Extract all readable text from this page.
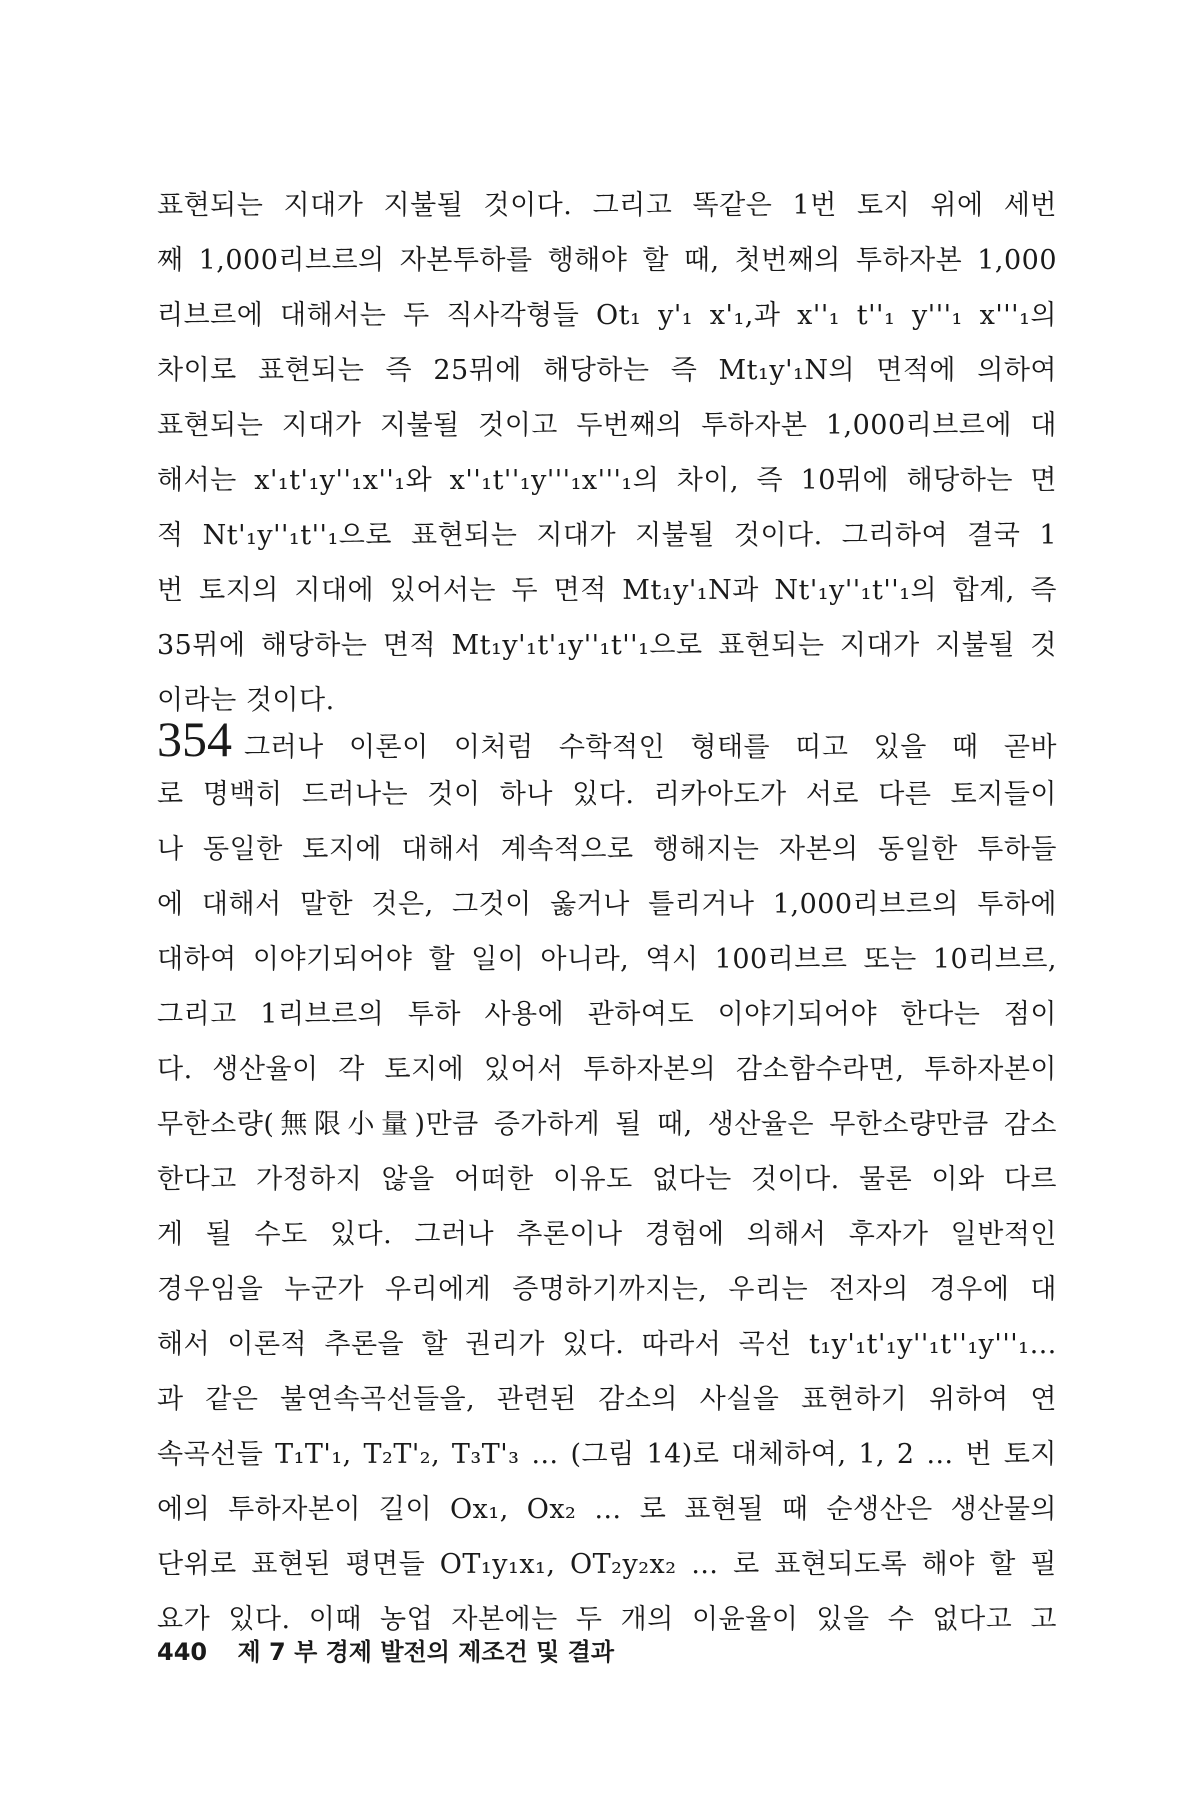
표현되는 지대가 지불될 것이다. 그리고 똑같은 1번 토지 위에 세번
째 1,000리브르의 자본투하를 행해야 할 때, 첫번째의 투하자본 1,000
리브르에 대해서는 두 직사각형들 Ot₁ y'₁ x'₁,과 x''₁ t''₁ y'''₁ x'''₁의
차이로 표현되는 즉 25뮈에 해당하는 즉 Mt₁y'₁N의 면적에 의하여
표현되는 지대가 지불될 것이고 두번째의 투하자본 1,000리브르에 대
해서는 x'₁t'₁y''₁x''₁와 x''₁t''₁y'''₁x'''₁의 차이, 즉 10뮈에 해당하는 면
적 Nt'₁y''₁t''₁으로 표현되는 지대가 지불될 것이다. 그리하여 결국 1
번 토지의 지대에 있어서는 두 면적 Mt₁y'₁N과 Nt'₁y''₁t''₁의 합계, 즉
35뮈에 해당하는 면적 Mt₁y'₁t'₁y''₁t''₁으로 표현되는 지대가 지불될 것
이라는 것이다.
354 그러나 이론이 이처럼 수학적인 형태를 띠고 있을 때 곧바
로 명백히 드러나는 것이 하나 있다. 리카아도가 서로 다른 토지들이
나 동일한 토지에 대해서 계속적으로 행해지는 자본의 동일한 투하들
에 대해서 말한 것은, 그것이 옳거나 틀리거나 1,000리브르의 투하에
대하여 이야기되어야 할 일이 아니라, 역시 100리브르 또는 10리브르,
그리고 1리브르의 투하 사용에 관하여도 이야기되어야 한다는 점이
다. 생산율이 각 토지에 있어서 투하자본의 감소함수라면, 투하자본이
무한소량(無限小量)만큼 증가하게 될 때, 생산율은 무한소량만큼 감소
한다고 가정하지 않을 어떠한 이유도 없다는 것이다. 물론 이와 다르
게 될 수도 있다. 그러나 추론이나 경험에 의해서 후자가 일반적인
경우임을 누군가 우리에게 증명하기까지는, 우리는 전자의 경우에 대
해서 이론적 추론을 할 권리가 있다. 따라서 곡선 t₁y'₁t'₁y''₁t''₁y'''₁…
과 같은 불연속곡선들을, 관련된 감소의 사실을 표현하기 위하여 연
속곡선들 T₁T'₁, T₂T'₂, T₃T'₃ … (그림 14)로 대체하여, 1, 2 … 번 토지
에의 투하자본이 길이 Ox₁, Ox₂ … 로 표현될 때 순생산은 생산물의
단위로 표현된 평면들 OT₁y₁x₁, OT₂y₂x₂ … 로 표현되도록 해야 할 필
요가 있다. 이때 농업 자본에는 두 개의 이윤율이 있을 수 없다고 고
440 제 7 부 경제 발전의 제조건 및 결과
